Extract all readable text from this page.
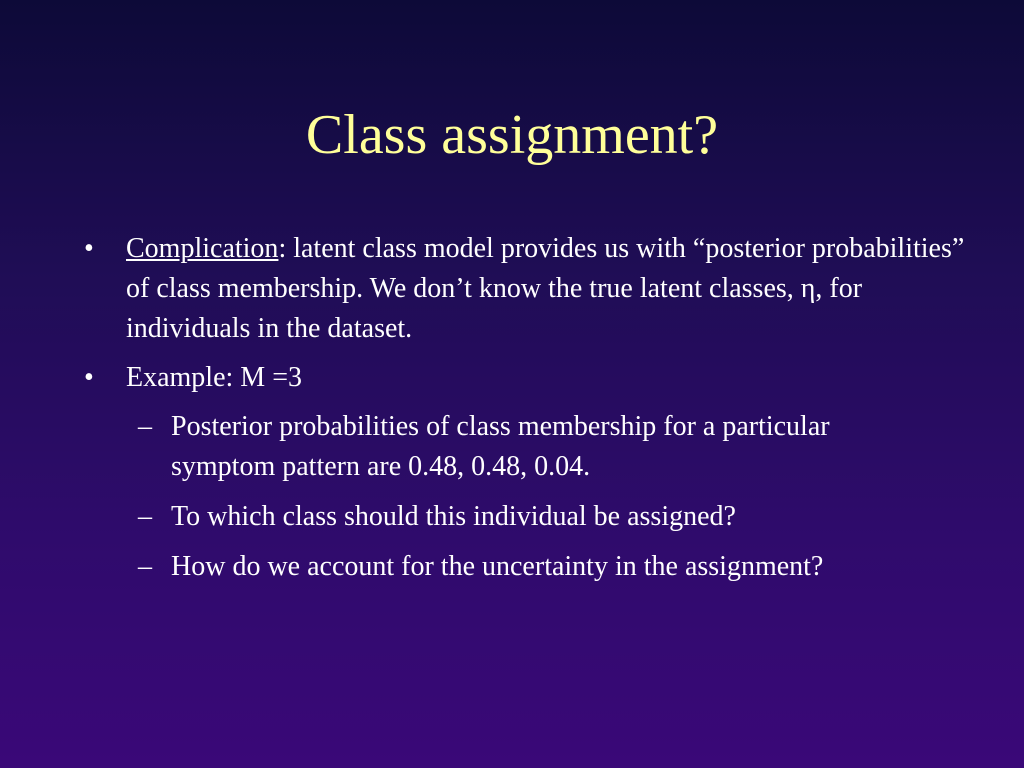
Class assignment?
• Complication: latent class model provides us with “posterior probabilities” of class membership. We don’t know the true latent classes, η, for individuals in the dataset.
• Example: M =3
– Posterior probabilities of class membership for a particular symptom pattern are 0.48, 0.48, 0.04.
– To which class should this individual be assigned?
– How do we account for the uncertainty in the assignment?
